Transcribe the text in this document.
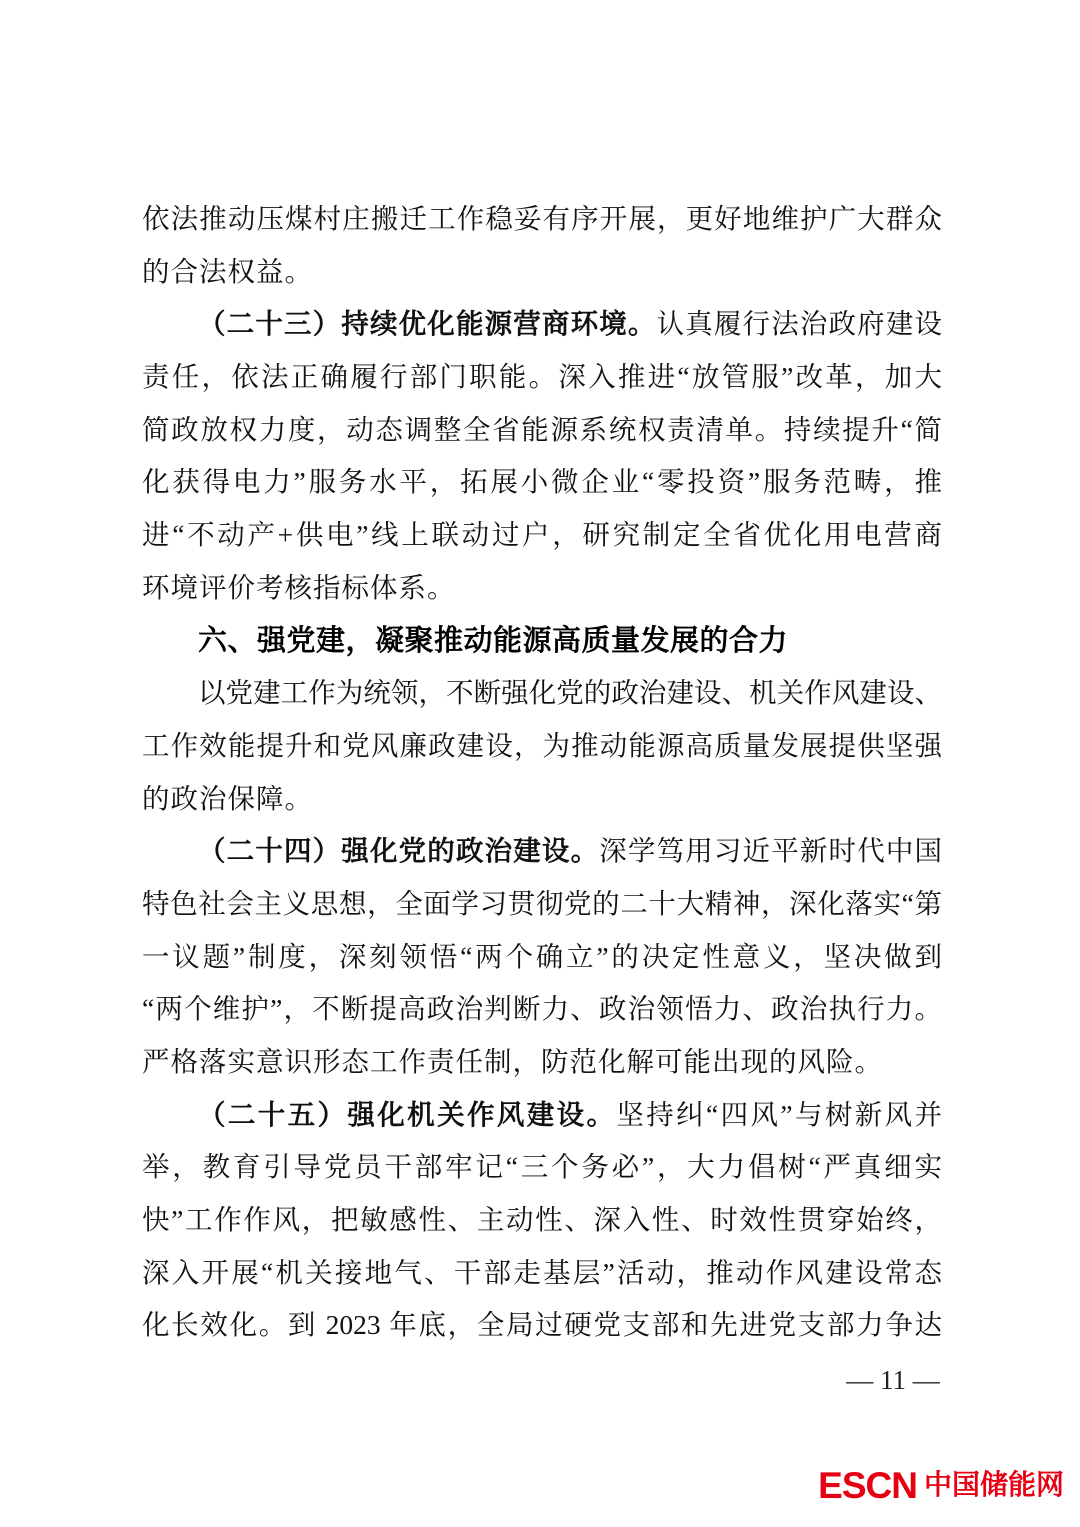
依法推动压煤村庄搬迁工作稳妥有序开展，更好地维护广大群众
的合法权益。
（二十三）持续优化能源营商环境。认真履行法治政府建设
责任，依法正确履行部门职能。深入推进“放管服”改革，加大
简政放权力度，动态调整全省能源系统权责清单。持续提升“简
化获得电力”服务水平，拓展小微企业“零投资”服务范畴，推
进“不动产+供电”线上联动过户，研究制定全省优化用电营商
环境评价考核指标体系。
六、强党建，凝聚推动能源高质量发展的合力
以党建工作为统领，不断强化党的政治建设、机关作风建设、
工作效能提升和党风廉政建设，为推动能源高质量发展提供坚强
的政治保障。
（二十四）强化党的政治建设。深学笃用习近平新时代中国
特色社会主义思想，全面学习贯彻党的二十大精神，深化落实“第
一议题”制度，深刻领悟“两个确立”的决定性意义，坚决做到
“两个维护”，不断提高政治判断力、政治领悟力、政治执行力。
严格落实意识形态工作责任制，防范化解可能出现的风险。
（二十五）强化机关作风建设。坚持纠“四风”与树新风并
举，教育引导党员干部牢记“三个务必”，大力倡树“严真细实
快”工作作风，把敏感性、主动性、深入性、时效性贯穿始终，
深入开展“机关接地气、干部走基层”活动，推动作风建设常态
化长效化。到 2023 年底，全局过硬党支部和先进党支部力争达
— 11 —
ESCN 中国储能网
